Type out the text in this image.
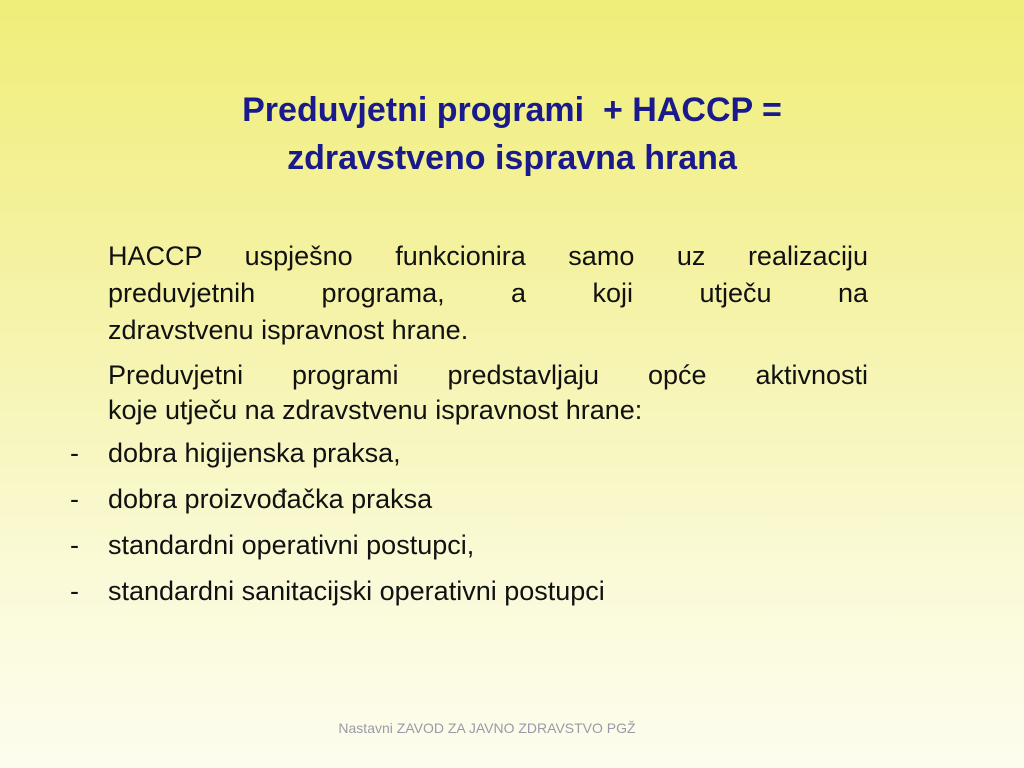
Preduvjetni programi  + HACCP =
zdravstveno ispravna hrana

HACCP uspješno funkcionira samo uz realizaciju
preduvjetnih programa, a koji utječu na
zdravstvenu ispravnost hrane.

Preduvjetni programi predstavljaju opće aktivnosti
koje utječu na zdravstvenu ispravnost hrane:

- dobra higijenska praksa,
- dobra proizvođačka praksa
- standardni operativni postupci,
- standardni sanitacijski operativni postupci
Nastavni ZAVOD ZA JAVNO ZDRAVSTVO PGŽ
